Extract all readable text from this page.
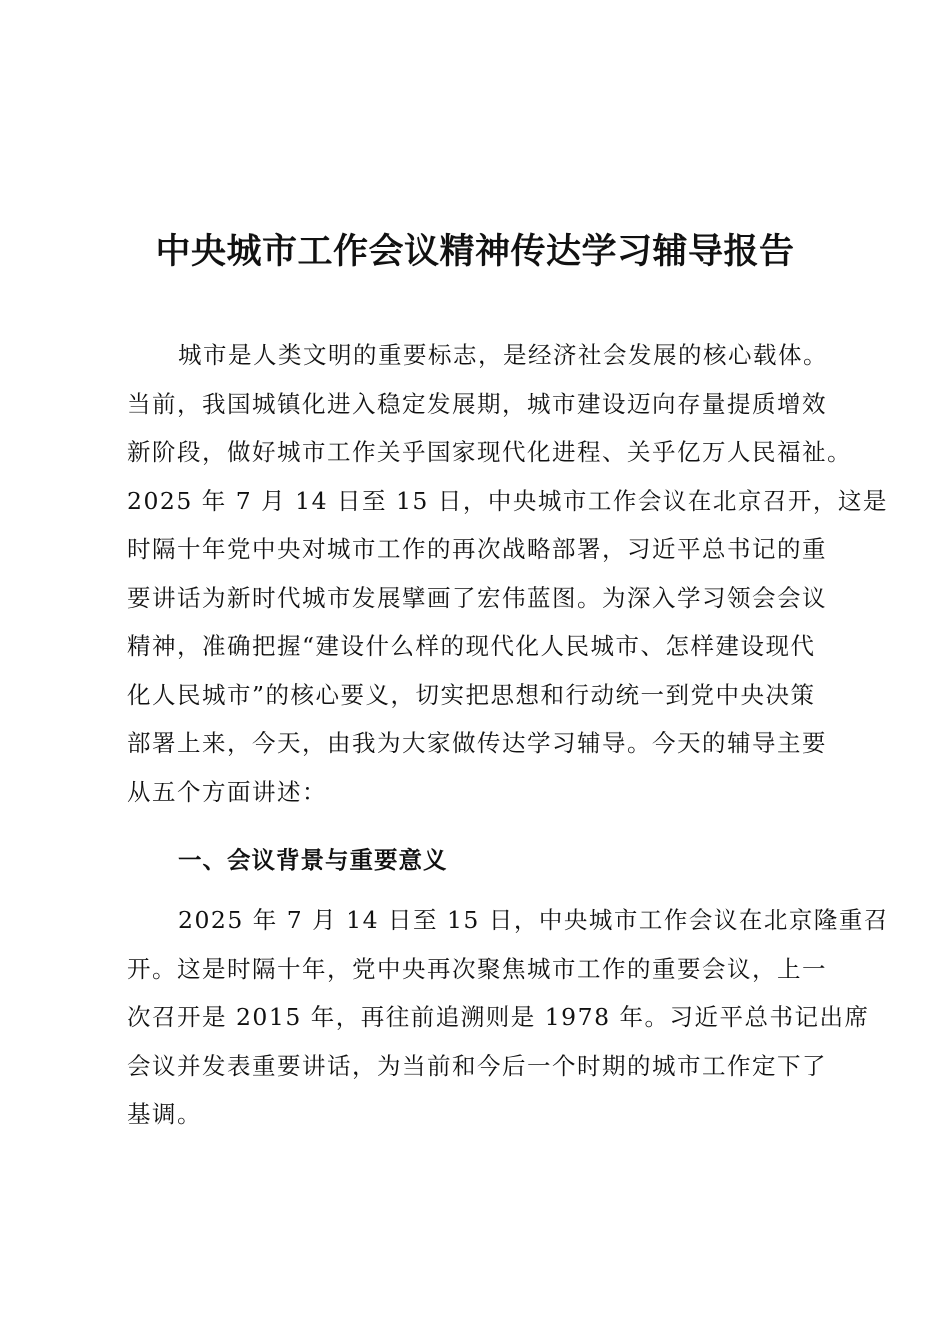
中央城市工作会议精神传达学习辅导报告
城市是人类文明的重要标志，是经济社会发展的核心载体。
当前，我国城镇化进入稳定发展期，城市建设迈向存量提质增效
新阶段，做好城市工作关乎国家现代化进程、关乎亿万人民福祉。
2025 年 7 月 14 日至 15 日，中央城市工作会议在北京召开，这是
时隔十年党中央对城市工作的再次战略部署，习近平总书记的重
要讲话为新时代城市发展擘画了宏伟蓝图。为深入学习领会会议
精神，准确把握“建设什么样的现代化人民城市、怎样建设现代
化人民城市”的核心要义，切实把思想和行动统一到党中央决策
部署上来，今天，由我为大家做传达学习辅导。今天的辅导主要
从五个方面讲述：
一、会议背景与重要意义
2025 年 7 月 14 日至 15 日，中央城市工作会议在北京隆重召
开。这是时隔十年，党中央再次聚焦城市工作的重要会议，上一
次召开是 2015 年，再往前追溯则是 1978 年。习近平总书记出席
会议并发表重要讲话，为当前和今后一个时期的城市工作定下了
基调。
